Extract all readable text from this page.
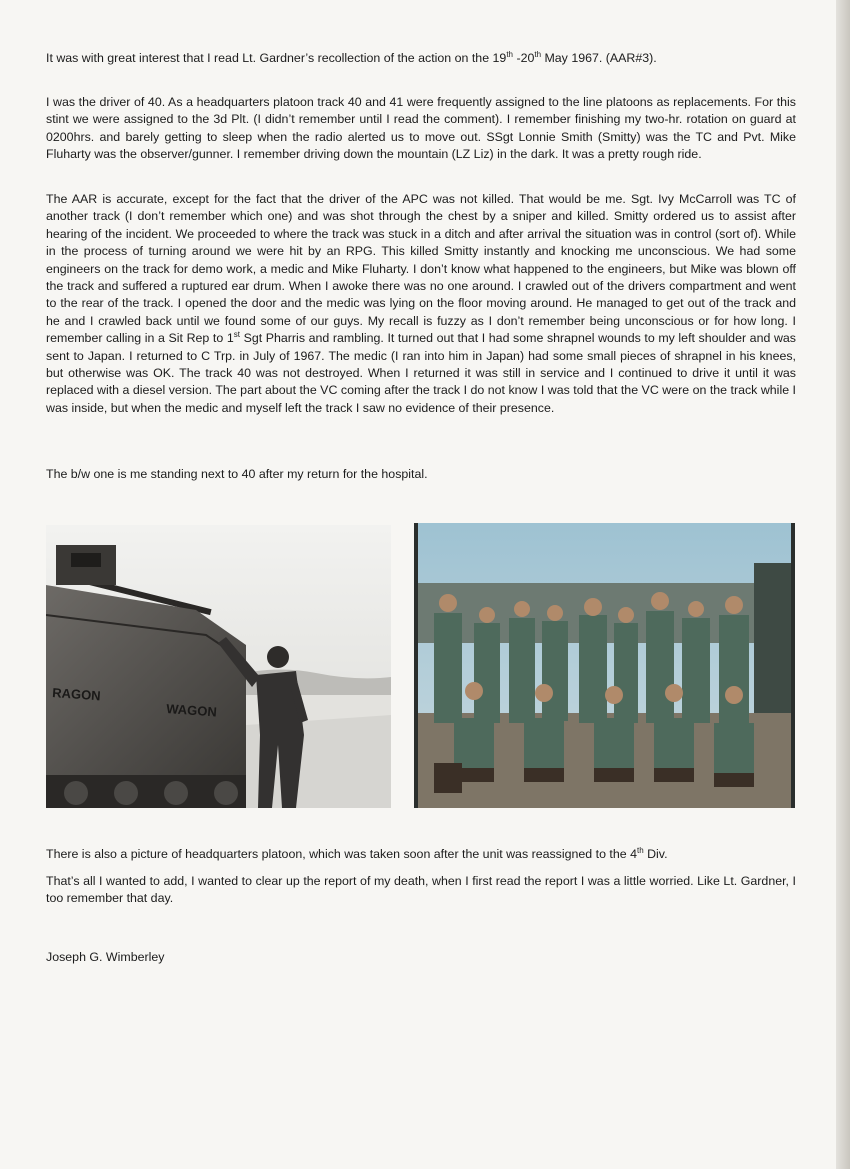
It was with great interest that I read Lt. Gardner’s recollection of the action on the 19th -20th May 1967. (AAR#3).

I was the driver of 40. As a headquarters platoon track 40 and 41 were frequently assigned to the line platoons as replacements. For this stint we were assigned to the 3d Plt. (I didn’t remember until I read the comment). I remember finishing my two-hr. rotation on guard at 0200hrs. and barely getting to sleep when the radio alerted us to move out. SSgt Lonnie Smith (Smitty) was the TC and Pvt. Mike Fluharty was the observer/gunner. I remember driving down the mountain (LZ Liz) in the dark. It was a pretty rough ride.

The AAR is accurate, except for the fact that the driver of the APC was not killed. That would be me. Sgt. Ivy McCarroll was TC of another track (I don’t remember which one) and was shot through the chest by a sniper and killed. Smitty ordered us to assist after hearing of the incident. We proceeded to where the track was stuck in a ditch and after arrival the situation was in control (sort of). While in the process of turning around we were hit by an RPG. This killed Smitty instantly and knocking me unconscious. We had some engineers on the track for demo work, a medic and Mike Fluharty. I don’t know what happened to the engineers, but Mike was blown off the track and suffered a ruptured ear drum. When I awoke there was no one around. I crawled out of the drivers compartment and went to the rear of the track. I opened the door and the medic was lying on the floor moving around. He managed to get out of the track and he and I crawled back until we found some of our guys. My recall is fuzzy as I don’t remember being unconscious or for how long. I remember calling in a Sit Rep to 1st Sgt Pharris and rambling. It turned out that I had some shrapnel wounds to my left shoulder and was sent to Japan. I returned to C Trp. in July of 1967. The medic (I ran into him in Japan) had some small pieces of shrapnel in his knees, but otherwise was OK. The track 40 was not destroyed. When I returned it was still in service and I continued to drive it until it was replaced with a diesel version. The part about the VC coming after the track I do not know I was told that the VC were on the track while I was inside, but when the medic and myself left the track I saw no evidence of their presence.

The b/w one is me standing next to 40 after my return for the hospital.

RAGON
WAGON

There is also a picture of headquarters platoon, which was taken soon after the unit was reassigned to the 4th Div.

That’s all I wanted to add, I wanted to clear up the report of my death, when I first read the report I was a little worried. Like Lt. Gardner, I too remember that day.

Joseph G. Wimberley
